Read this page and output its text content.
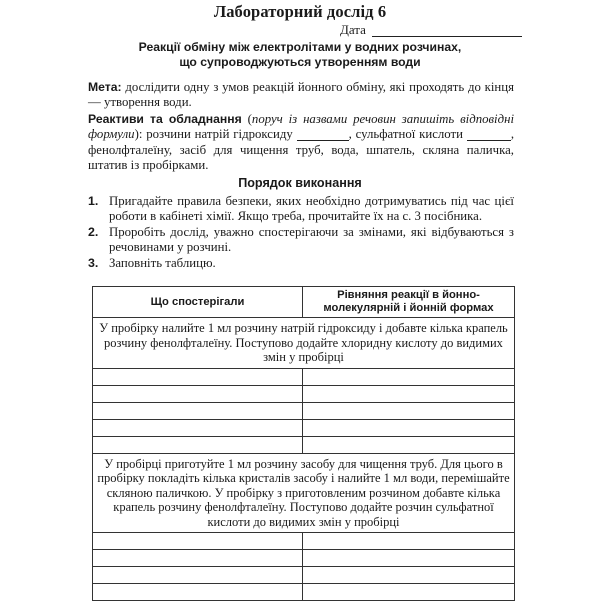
Лабораторний дослід 6
Дата
Реакції обміну між електролітами у водних розчинах,
що супроводжуються утворенням води
Мета: дослідити одну з умов реакцій йонного обміну, які проходять до кінця — утворення води.
Реактиви та обладнання (поруч із назвами речовин запишіть відповідні формули): розчини натрій гідроксиду	, сульфатної кислоти	, фенолфталеїну, засіб для чищення труб, вода, шпатель, скляна паличка, штатив із пробірками.
Порядок виконання
1. Пригадайте правила безпеки, яких необхідно дотримуватись під час цієї роботи в кабінеті хімії. Якщо треба, прочитайте їх на с. 3 посібника.
2. Проробіть дослід, уважно спостерігаючи за змінами, які відбуваються з речовинами у розчині.
3. Заповніть таблицю.
Що спостерігали	Рівняння реакції в йонно-молекулярній і йонній формах
У пробірку налийте 1 мл розчину натрій гідроксиду і добавте кілька крапель розчину фенолфталеїну. Поступово додайте хлоридну кислоту до видимих змін у пробірці	

У пробірці приготуйте 1 мл розчину засобу для чищення труб. Для цього в пробірку покладіть кілька кристалів засобу і налийте 1 мл води, перемішайте скляною паличкою. У пробірку з приготовленим розчином добавте кілька крапель розчину фенолфталеїну. Поступово додайте розчин сульфатної кислоти до видимих змін у пробірці	
